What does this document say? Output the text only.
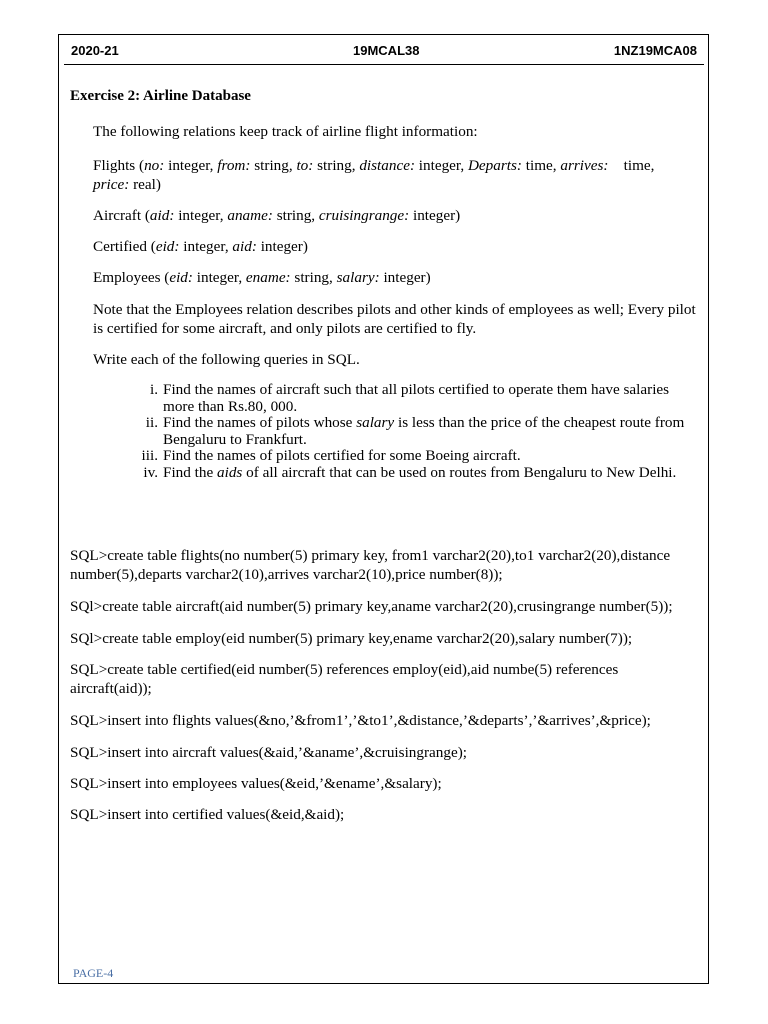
2020-21	19MCAL38	1NZ19MCA08
Exercise 2: Airline Database
The following relations keep track of airline flight information:
Flights (no: integer, from: string, to: string, distance: integer, Departs: time, arrives:    time,
price: real)
Aircraft (aid: integer, aname: string, cruisingrange: integer)
Certified (eid: integer, aid: integer)
Employees (eid: integer, ename: string, salary: integer)
Note that the Employees relation describes pilots and other kinds of employees as well; Every pilot is certified for some aircraft, and only pilots are certified to fly.
Write each of the following queries in SQL.
i. Find the names of aircraft such that all pilots certified to operate them have salaries more than Rs.80, 000.
ii. Find the names of pilots whose salary is less than the price of the cheapest route from Bengaluru to Frankfurt.
iii. Find the names of pilots certified for some Boeing aircraft.
iv. Find the aids of all aircraft that can be used on routes from Bengaluru to New Delhi.
SQL>create table flights(no number(5) primary key, from1 varchar2(20),to1 varchar2(20),distance number(5),departs varchar2(10),arrives varchar2(10),price number(8));
SQl>create table aircraft(aid number(5) primary key,aname varchar2(20),crusingrange number(5));
SQl>create table employ(eid number(5) primary key,ename varchar2(20),salary number(7));
SQL>create table certified(eid number(5) references employ(eid),aid numbe(5) references aircraft(aid));
SQL>insert into flights values(&no,’&from1’,’&to1’,&distance,’&departs’,’&arrives’,&price);
SQL>insert into aircraft values(&aid,’&aname’,&cruisingrange);
SQL>insert into employees values(&eid,’&ename’,&salary);
SQL>insert into certified values(&eid,&aid);
PAGE-4
